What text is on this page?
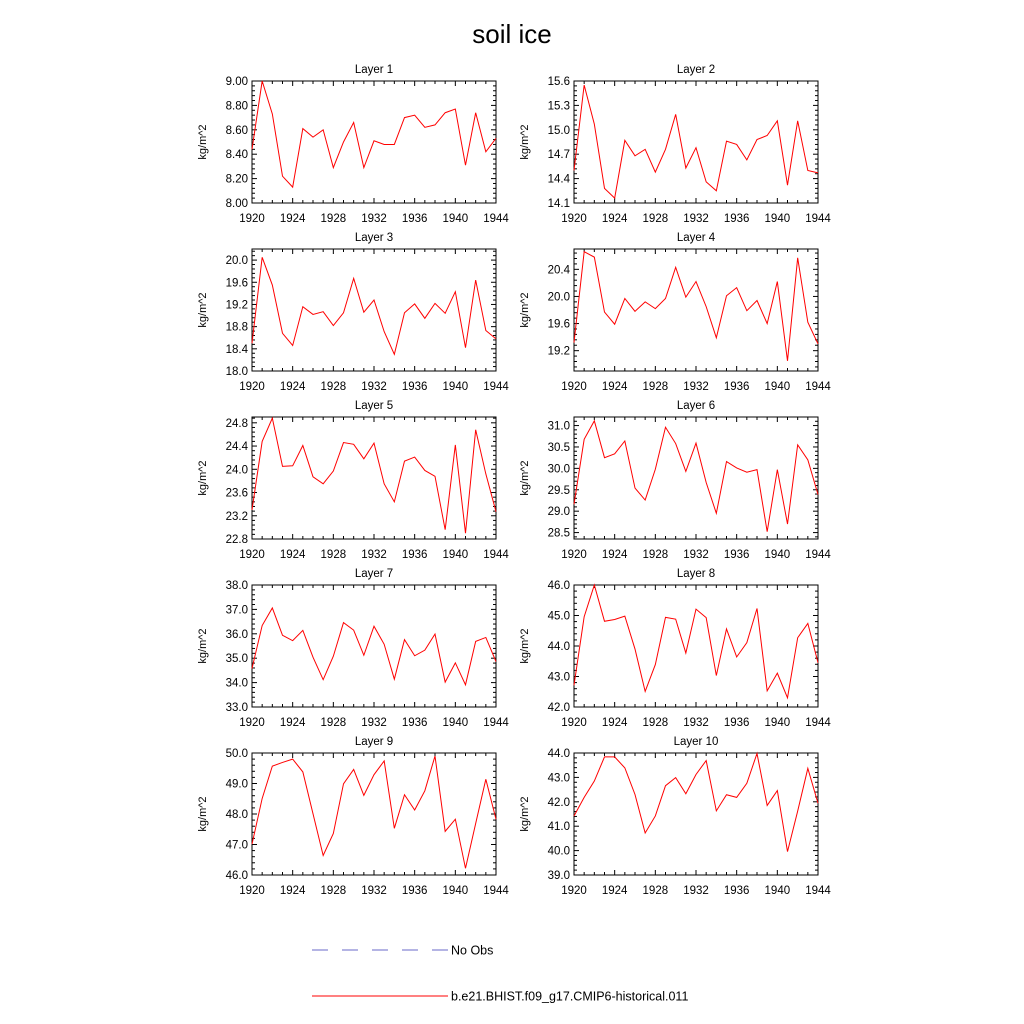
soil ice
Layer 1
1920 1924 1928 1932 1936 1940 1944
8.00
8.20
8.40
8.60
8.80
9.00
kg/m^2
Layer 2
1920 1924 1928 1932 1936 1940 1944
14.1
14.4
14.7
15.0
15.3
15.6
kg/m^2
Layer 3
1920 1924 1928 1932 1936 1940 1944
18.0
18.4
18.8
19.2
19.6
20.0
kg/m^2
Layer 4
1920 1924 1928 1932 1936 1940 1944
19.2
19.6
20.0
20.4
kg/m^2
Layer 5
1920 1924 1928 1932 1936 1940 1944
22.8
23.2
23.6
24.0
24.4
24.8
kg/m^2
Layer 6
1920 1924 1928 1932 1936 1940 1944
28.5
29.0
29.5
30.0
30.5
31.0
kg/m^2
Layer 7
1920 1924 1928 1932 1936 1940 1944
33.0
34.0
35.0
36.0
37.0
38.0
kg/m^2
Layer 8
1920 1924 1928 1932 1936 1940 1944
42.0
43.0
44.0
45.0
46.0
kg/m^2
Layer 9
1920 1924 1928 1932 1936 1940 1944
46.0
47.0
48.0
49.0
50.0
kg/m^2
Layer 10
1920 1924 1928 1932 1936 1940 1944
39.0
40.0
41.0
42.0
43.0
44.0
kg/m^2
No Obs
b.e21.BHIST.f09_g17.CMIP6-historical.011
